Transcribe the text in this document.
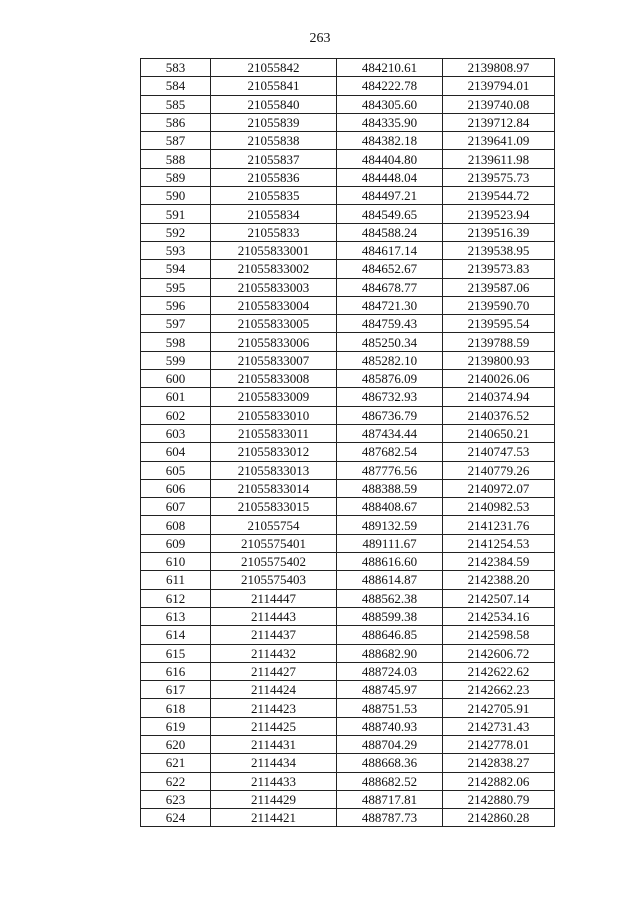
263
583	21055842	484210.61	2139808.97
584	21055841	484222.78	2139794.01
585	21055840	484305.60	2139740.08
586	21055839	484335.90	2139712.84
587	21055838	484382.18	2139641.09
588	21055837	484404.80	2139611.98
589	21055836	484448.04	2139575.73
590	21055835	484497.21	2139544.72
591	21055834	484549.65	2139523.94
592	21055833	484588.24	2139516.39
593	21055833001	484617.14	2139538.95
594	21055833002	484652.67	2139573.83
595	21055833003	484678.77	2139587.06
596	21055833004	484721.30	2139590.70
597	21055833005	484759.43	2139595.54
598	21055833006	485250.34	2139788.59
599	21055833007	485282.10	2139800.93
600	21055833008	485876.09	2140026.06
601	21055833009	486732.93	2140374.94
602	21055833010	486736.79	2140376.52
603	21055833011	487434.44	2140650.21
604	21055833012	487682.54	2140747.53
605	21055833013	487776.56	2140779.26
606	21055833014	488388.59	2140972.07
607	21055833015	488408.67	2140982.53
608	21055754	489132.59	2141231.76
609	2105575401	489111.67	2141254.53
610	2105575402	488616.60	2142384.59
611	2105575403	488614.87	2142388.20
612	2114447	488562.38	2142507.14
613	2114443	488599.38	2142534.16
614	2114437	488646.85	2142598.58
615	2114432	488682.90	2142606.72
616	2114427	488724.03	2142622.62
617	2114424	488745.97	2142662.23
618	2114423	488751.53	2142705.91
619	2114425	488740.93	2142731.43
620	2114431	488704.29	2142778.01
621	2114434	488668.36	2142838.27
622	2114433	488682.52	2142882.06
623	2114429	488717.81	2142880.79
624	2114421	488787.73	2142860.28
